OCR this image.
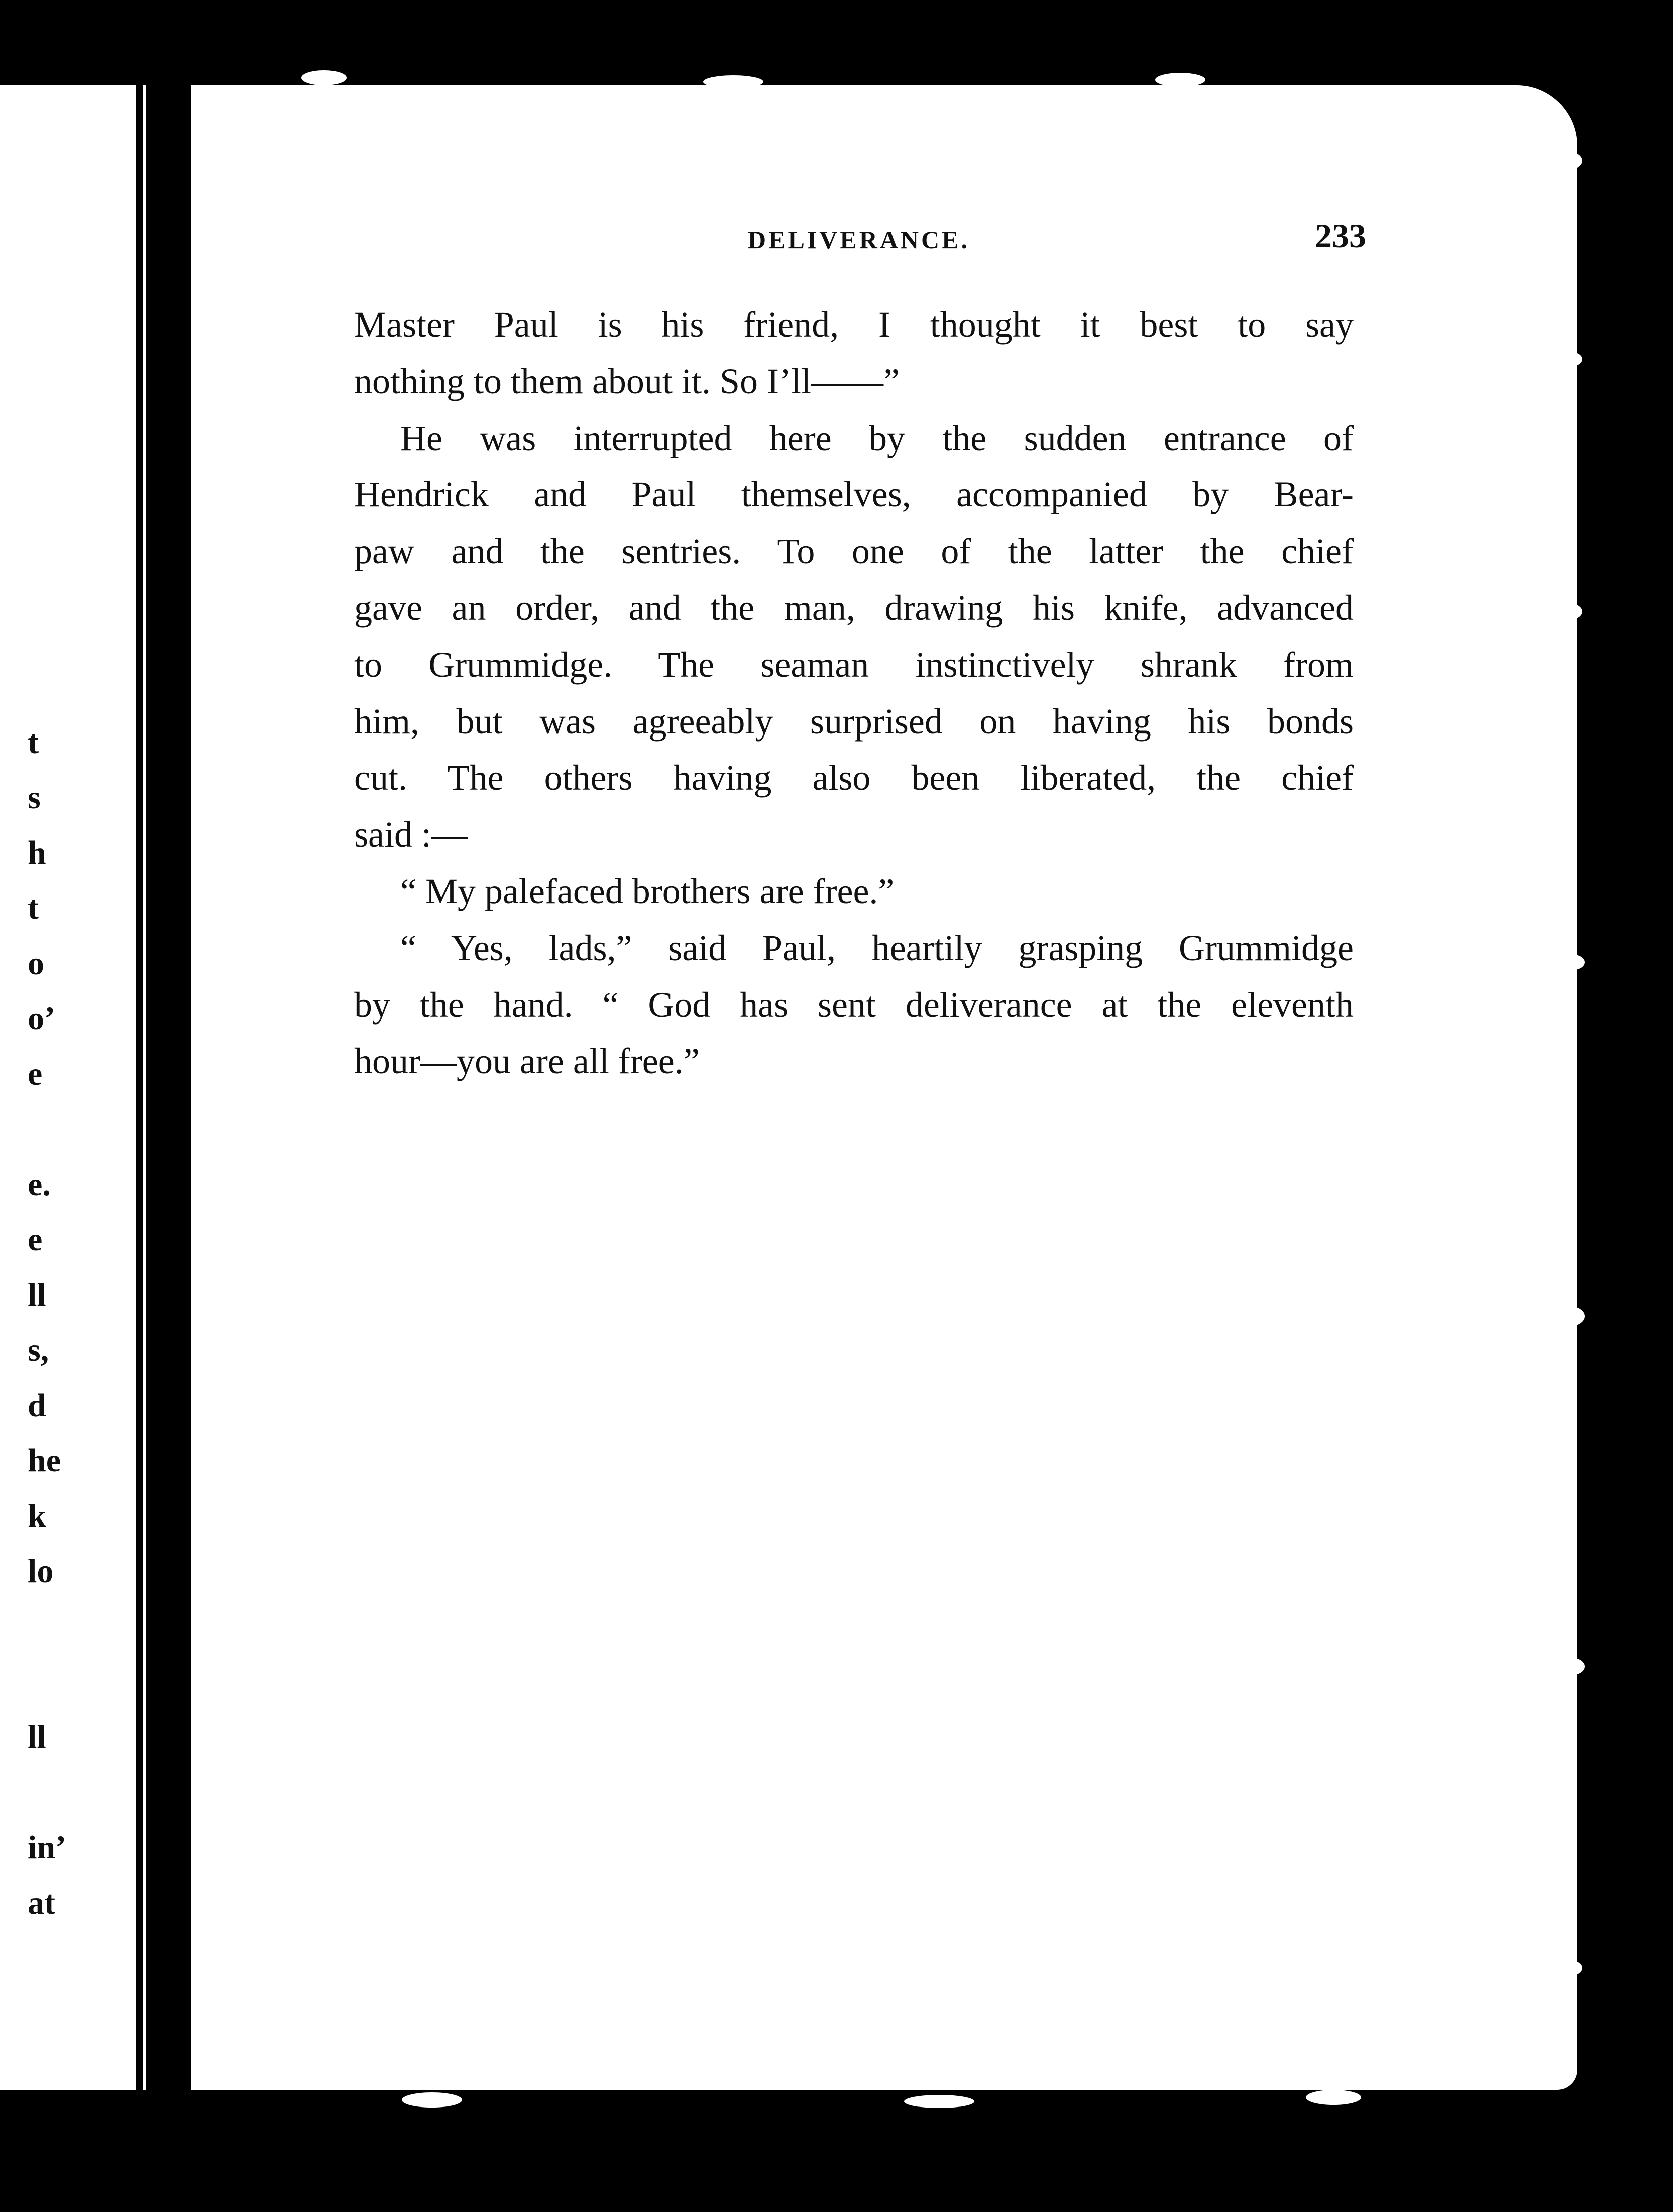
t
s
h
t
o
o’
e
e.
e
ll
s,
d
he
k
lo
ll
in’
at
DELIVERANCE.	233
Master Paul is his friend, I thought it best to say
nothing to them about it. So I’ll——”
He was interrupted here by the sudden entrance of
Hendrick and Paul themselves, accompanied by Bear-
paw and the sentries. To one of the latter the chief
gave an order, and the man, drawing his knife, advanced
to Grummidge. The seaman instinctively shrank from
him, but was agreeably surprised on having his bonds
cut. The others having also been liberated, the chief
said :—
“ My palefaced brothers are free.”
“ Yes, lads,” said Paul, heartily grasping Grummidge
by the hand. “ God has sent deliverance at the eleventh
hour—you are all free.”
